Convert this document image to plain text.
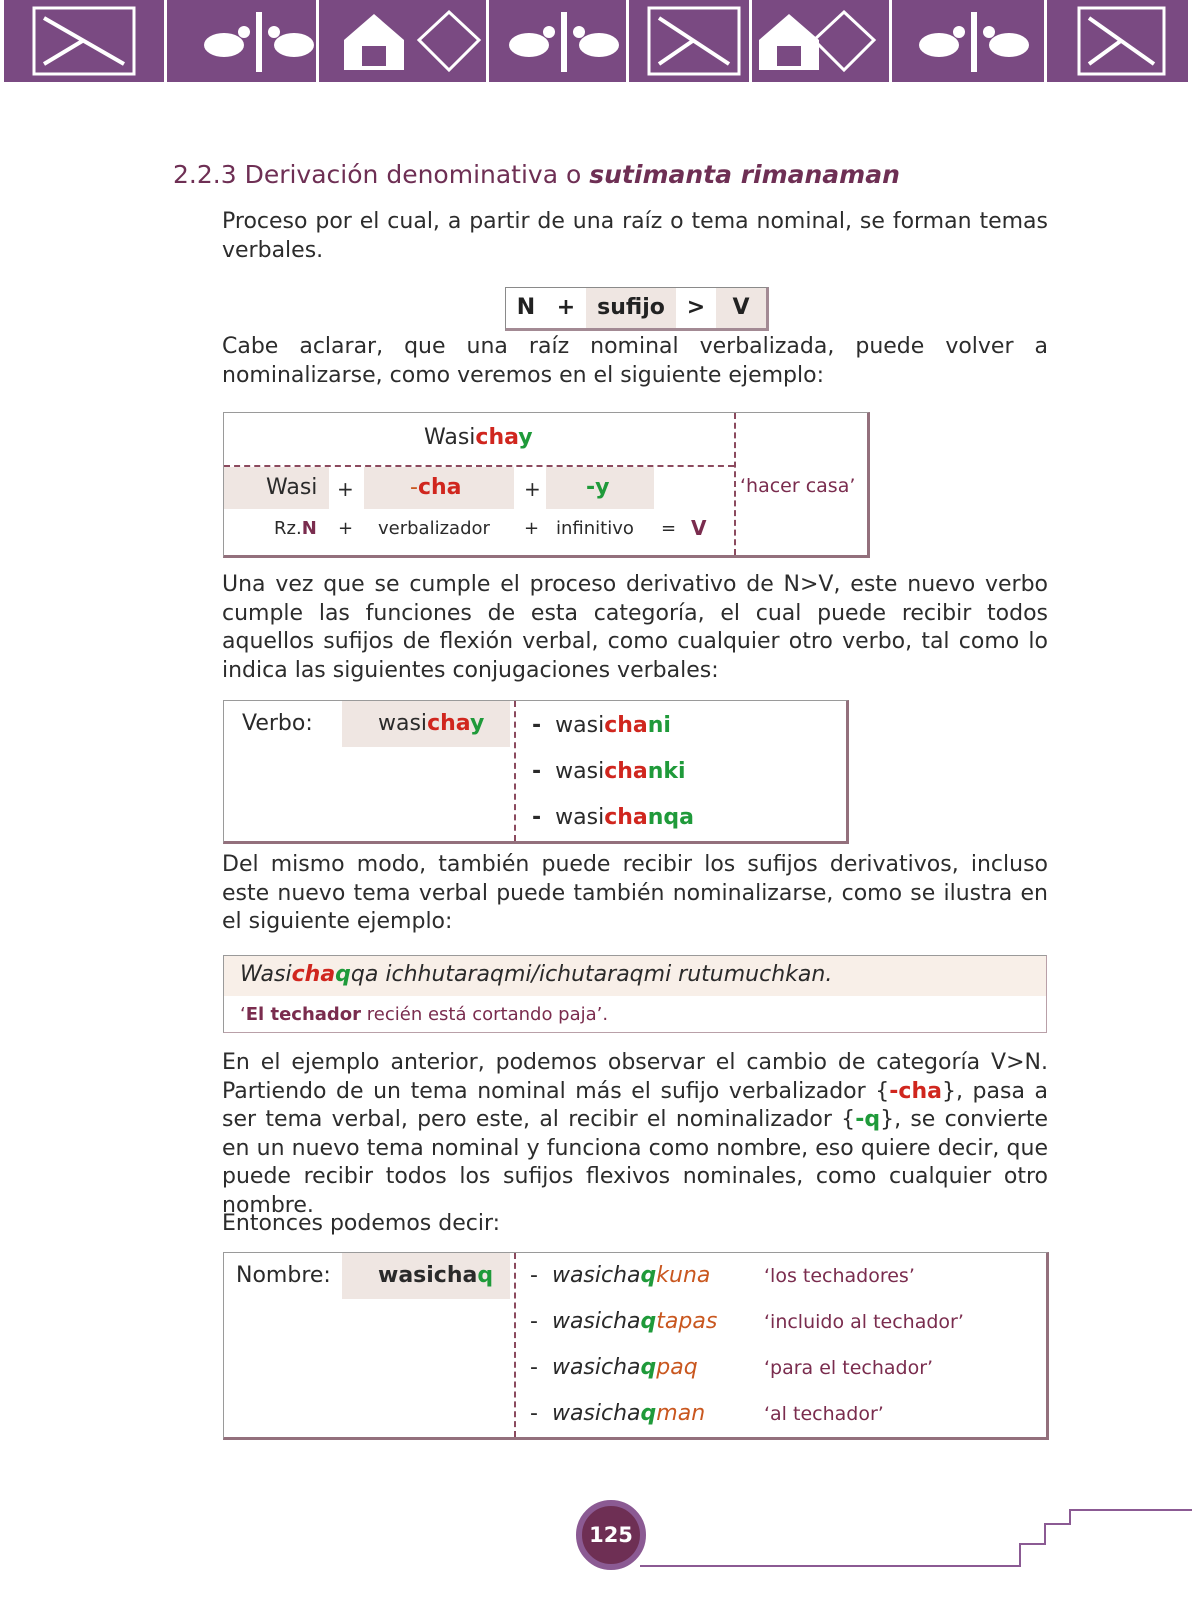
2.2.3 Derivación denominativa o sutimanta rimanaman
Proceso por el cual, a partir de una raíz o tema nominal, se forman temas verbales.
N + sufijo >	V
Cabe aclarar, que una raíz nominal verbalizada, puede volver a nominalizarse, como veremos en el siguiente ejemplo:
Wasichay
Wasi +	-cha	+ -y	‘hacer casa’
Rz.N + verbalizador + infinitivo = V
Una vez que se cumple el proceso derivativo de N>V, este nuevo verbo cumple las funciones de esta categoría, el cual puede recibir todos aquellos sufijos de flexión verbal, como cualquier otro verbo, tal como lo indica las siguientes conjugaciones verbales:
Verbo:	wasichay - wasichani
- wasichanki
- wasichanqa
Del mismo modo, también puede recibir los sufijos derivativos, incluso este nuevo tema verbal puede también nominalizarse, como se ilustra en el siguiente ejemplo:
Wasichaqqa ichhutaraqmi/ichutaraqmi rutumuchkan.
‘El techador recién está cortando paja’.
En el ejemplo anterior, podemos observar el cambio de categoría V>N. Partiendo de un tema nominal más el sufijo verbalizador {-cha}, pasa a ser tema verbal, pero este, al recibir el nominalizador {-q}, se convierte en un nuevo tema nominal y funciona como nombre, eso quiere decir, que puede recibir todos los sufijos flexivos nominales, como cualquier otro nombre.
Entonces podemos decir:
Nombre: wasichaq - wasichaqkuna	‘los techadores’
- wasichaqtapas ‘incluido al techador’
- wasichaqpaq	‘para el techador’
- wasichaqman	‘al techador’
125
